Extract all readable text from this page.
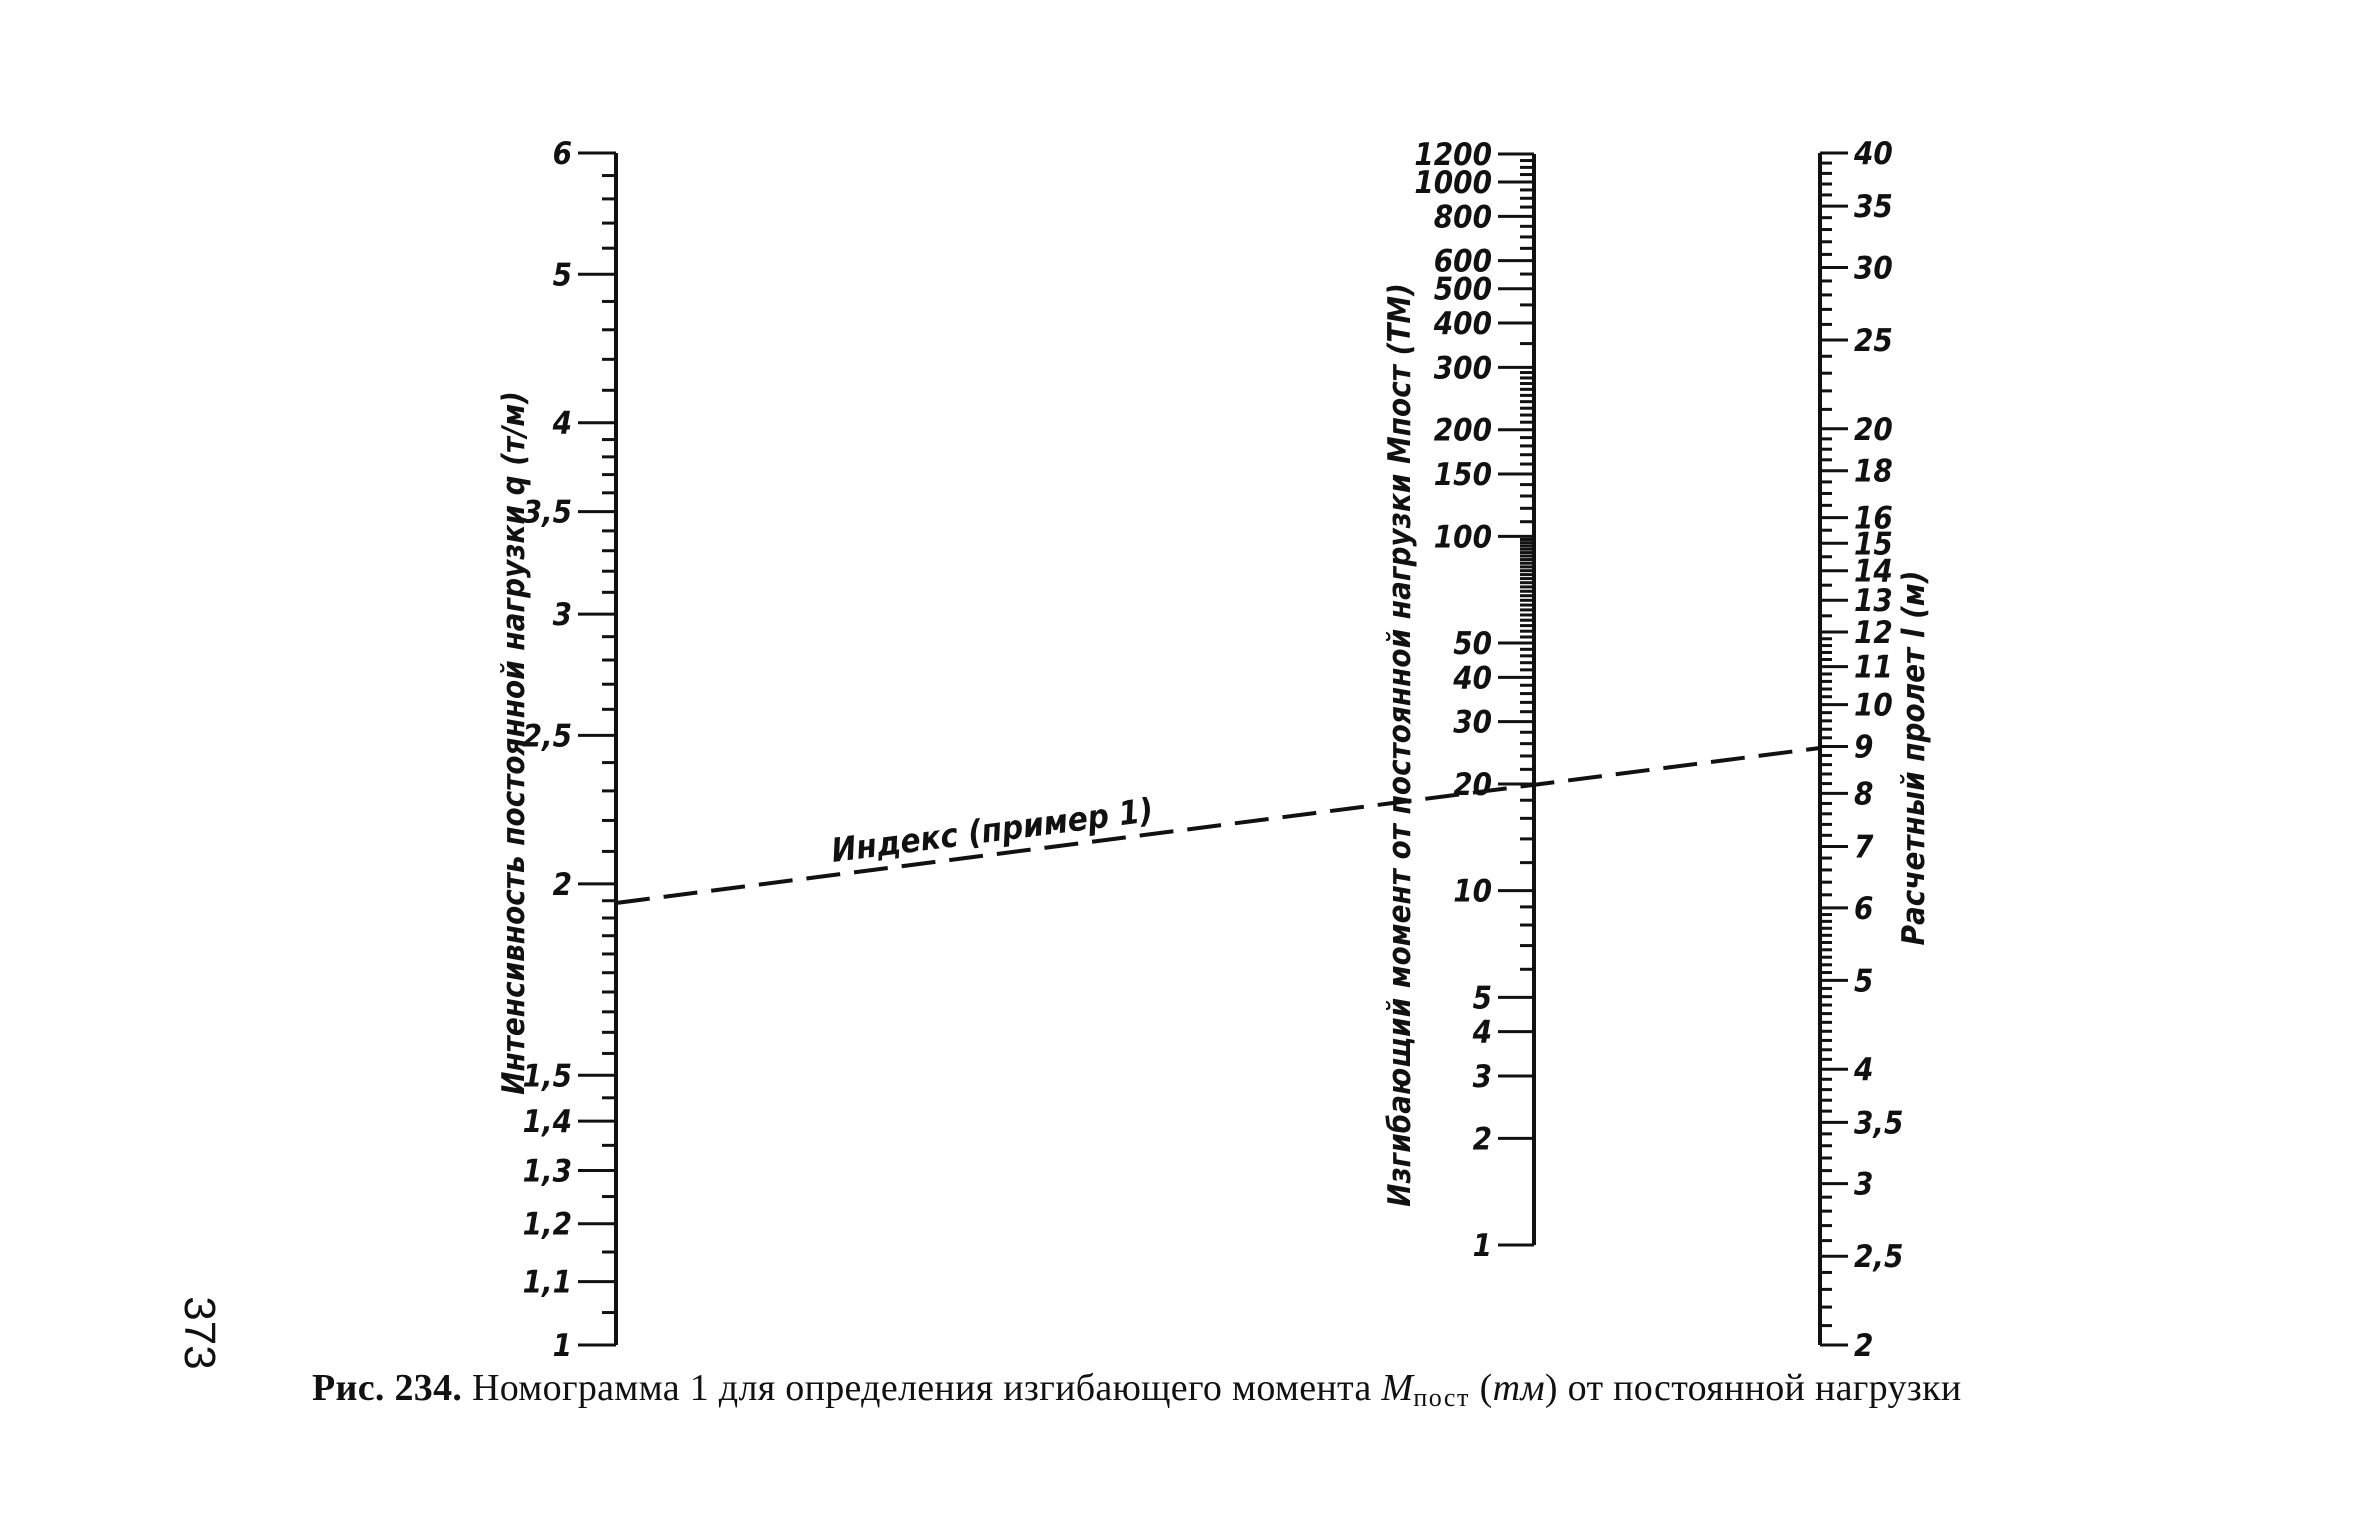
6
5
4
3,5
3
2,5
2
1,5
1,4
1,3
1,2
1,1
1
1200
1000
800
600
500
400
300
200
150
100
50
40
30
20
10
5
4
3
2
1
40
35
30
25
20
18
16
15
14
13
12
11
10
9
8
7
6
5
4
3,5
3
2,5
2
Интенсивность постоянной нагрузки q (т/м)	Изгибающий момент от постоянной нагрузки Мпост (ТМ)	Расчетный пролет l (м)
Индекс (пример 1)
373
Рис. 234. Номограмма 1 для определения изгибающего момента $M_{пост}$ (тм) от постоянной нагрузки
